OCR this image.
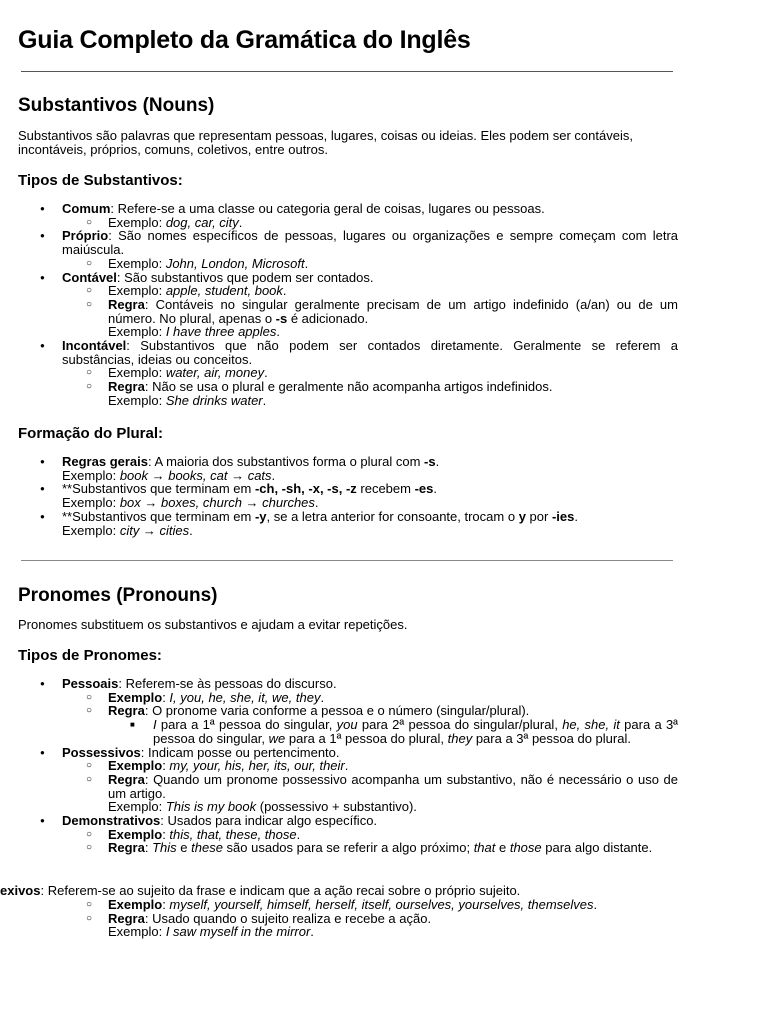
Guia Completo da Gramática do Inglês
Substantivos (Nouns)

Substantivos são palavras que representam pessoas, lugares, coisas ou ideias. Eles podem ser contáveis, incontáveis, próprios, comuns, coletivos, entre outros.

Tipos de Substantivos:
● Comum: Refere-se a uma classe ou categoria geral de coisas, lugares ou pessoas.
○ Exemplo: dog, car, city.
● Próprio: São nomes específicos de pessoas, lugares ou organizações e sempre começam com letra maiúscula.
○ Exemplo: John, London, Microsoft.
● Contável: São substantivos que podem ser contados.
○ Exemplo: apple, student, book.
○ Regra: Contáveis no singular geralmente precisam de um artigo indefinido (a/an) ou de um número. No plural, apenas o -s é adicionado.
Exemplo: I have three apples.
● Incontável: Substantivos que não podem ser contados diretamente. Geralmente se referem a substâncias, ideias ou conceitos.
○ Exemplo: water, air, money.
○ Regra: Não se usa o plural e geralmente não acompanha artigos indefinidos.
Exemplo: She drinks water.
Formação do Plural:
● Regras gerais: A maioria dos substantivos forma o plural com -s.
Exemplo: book → books, cat → cats.
● **Substantivos que terminam em -ch, -sh, -x, -s, -z recebem -es.
Exemplo: box → boxes, church → churches.
● **Substantivos que terminam em -y, se a letra anterior for consoante, trocam o y por -ies.
Exemplo: city → cities.
Pronomes (Pronouns)

Pronomes substituem os substantivos e ajudam a evitar repetições.

Tipos de Pronomes:
● Pessoais: Referem-se às pessoas do discurso.
○ Exemplo: I, you, he, she, it, we, they.
○ Regra: O pronome varia conforme a pessoa e o número (singular/plural).
■ I para a 1ª pessoa do singular, you para 2ª pessoa do singular/plural, he, she, it para a 3ª pessoa do singular, we para a 1ª pessoa do plural, they para a 3ª pessoa do plural.
● Possessivos: Indicam posse ou pertencimento.
○ Exemplo: my, your, his, her, its, our, their.
○ Regra: Quando um pronome possessivo acompanha um substantivo, não é necessário o uso de um artigo.
Exemplo: This is my book (possessivo + substantivo).
● Demonstrativos: Usados para indicar algo específico.
○ Exemplo: this, that, these, those.
○ Regra: This e these são usados para se referir a algo próximo; that e those para algo distante.
exivos: Referem-se ao sujeito da frase e indicam que a ação recai sobre o próprio sujeito.
○ Exemplo: myself, yourself, himself, herself, itself, ourselves, yourselves, themselves.
○ Regra: Usado quando o sujeito realiza e recebe a ação.
Exemplo: I saw myself in the mirror.
